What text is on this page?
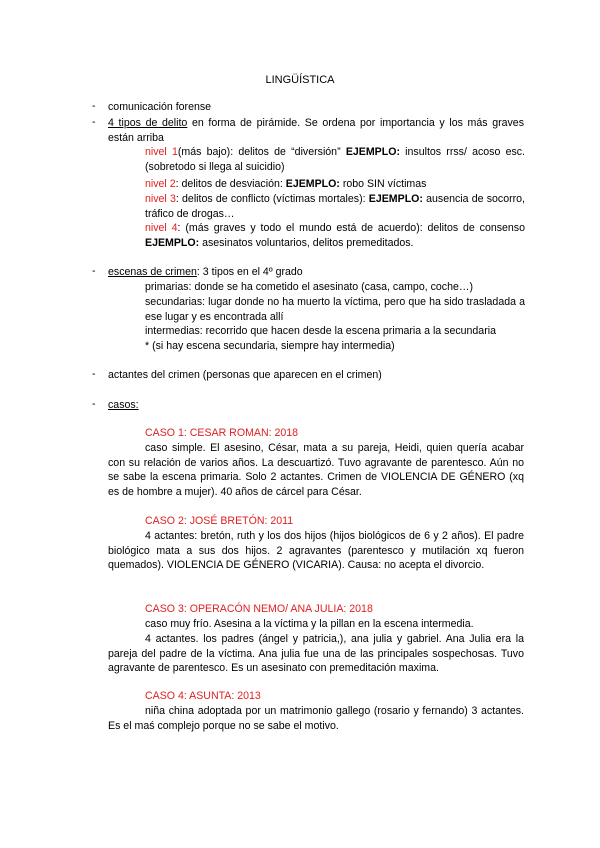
LINGÜÍSTICA
- comunicación forense
- 4 tipos de delito en forma de pirámide. Se ordena por importancia y los más graves están arriba
nivel 1(más bajo): delitos de “diversión” EJEMPLO: insultos rrss/ acoso esc. (sobretodo si llega al suicidio)
nivel 2: delitos de desviación: EJEMPLO: robo SIN víctimas
nivel 3: delitos de conflicto (víctimas mortales): EJEMPLO: ausencia de socorro, tráfico de drogas…
nivel 4: (más graves y todo el mundo está de acuerdo): delitos de consenso EJEMPLO: asesinatos voluntarios, delitos premeditados.
- escenas de crimen: 3 tipos en el 4º grado
primarias: donde se ha cometido el asesinato (casa, campo, coche…)
secundarias: lugar donde no ha muerto la víctima, pero que ha sido trasladada a ese lugar y es encontrada allí
intermedias: recorrido que hacen desde la escena primaria a la secundaria
* (si hay escena secundaria, siempre hay intermedia)
- actantes del crimen (personas que aparecen en el crimen)
- casos:
CASO 1: CESAR ROMAN: 2018
caso simple. El asesino, César, mata a su pareja, Heidi, quien quería acabar con su relación de varios años. La descuartizó. Tuvo agravante de parentesco. Aún no se sabe la escena primaria. Solo 2 actantes. Crimen de VIOLENCIA DE GÉNERO (xq es de hombre a mujer). 40 años de cárcel para César.
CASO 2: JOSÉ BRETÓN: 2011
4 actantes: bretón, ruth y los dos hijos (hijos biológicos de 6 y 2 años). El padre biológico mata a sus dos hijos. 2 agravantes (parentesco y mutilación xq fueron quemados). VIOLENCIA DE GÉNERO (VICARIA). Causa: no acepta el divorcio.
CASO 3: OPERACÓN NEMO/ ANA JULIA: 2018
caso muy frío. Asesina a la víctima y la pillan en la escena intermedia.
4 actantes. los padres (ángel y patricia,), ana julia y gabriel. Ana Julia era la pareja del padre de la víctima. Ana julia fue una de las principales sospechosas. Tuvo agravante de parentesco. Es un asesinato con premeditación maxima.
CASO 4: ASUNTA: 2013
niña china adoptada por un matrimonio gallego (rosario y fernando) 3 actantes. Es el maś complejo porque no se sabe el motivo.
